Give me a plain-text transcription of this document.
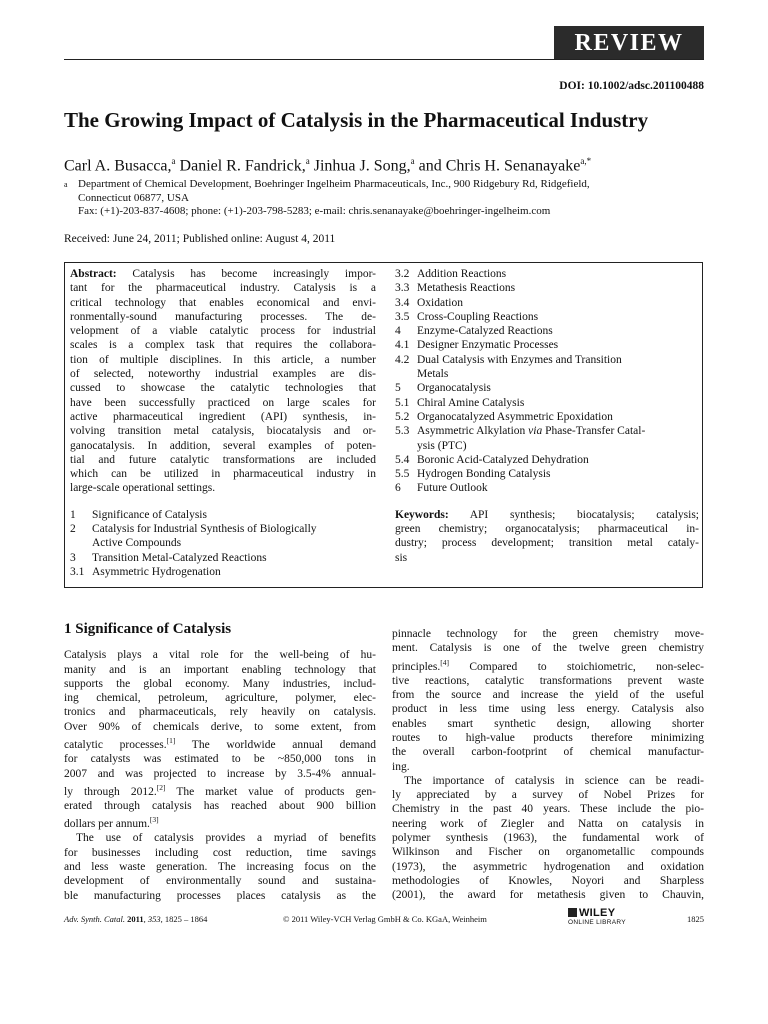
REVIEW
DOI: 10.1002/adsc.201100488
The Growing Impact of Catalysis in the Pharmaceutical Industry
Carl A. Busacca,$^a$ Daniel R. Fandrick,$^a$ Jinhua J. Song,$^a$ and Chris H. Senanayake$^{a,*}$
a Department of Chemical Development, Boehringer Ingelheim Pharmaceuticals, Inc., 900 Ridgebury Rd, Ridgefield,
Connecticut 06877, USA
Fax: (+1)-203-837-4608; phone: (+1)-203-798-5283; e-mail: chris.senanayake@boehringer-ingelheim.com
Received: June 24, 2011; Published online: August 4, 2011
Abstract: Catalysis has become increasingly impor-
tant for the pharmaceutical industry. Catalysis is a
critical technology that enables economical and envi-
ronmentally-sound manufacturing processes. The de-
velopment of a viable catalytic process for industrial
scales is a complex task that requires the collabora-
tion of multiple disciplines. In this article, a number
of selected, noteworthy industrial examples are dis-
cussed to showcase the catalytic technologies that
have been successfully practiced on large scales for
active pharmaceutical ingredient (API) synthesis, in-
volving transition metal catalysis, biocatalysis and or-
ganocatalysis. In addition, several examples of poten-
tial and future catalytic transformations are included
which can be utilized in pharmaceutical industry in
large-scale operational settings.
1	Significance of Catalysis
2	Catalysis for Industrial Synthesis of Biologically
Active Compounds
3	Transition Metal-Catalyzed Reactions
3.1 Asymmetric Hydrogenation
3.2 Addition Reactions
3.3 Metathesis Reactions
3.4 Oxidation
3.5 Cross-Coupling Reactions
4	Enzyme-Catalyzed Reactions
4.1 Designer Enzymatic Processes
4.2 Dual Catalysis with Enzymes and Transition
Metals
5	Organocatalysis
5.1 Chiral Amine Catalysis
5.2 Organocatalyzed Asymmetric Epoxidation
5.3 Asymmetric Alkylation via Phase-Transfer Catal-
ysis (PTC)
5.4 Boronic Acid-Catalyzed Dehydration
5.5 Hydrogen Bonding Catalysis
6	Future Outlook
Keywords: API synthesis; biocatalysis; catalysis;
green chemistry; organocatalysis; pharmaceutical in-
dustry; process development; transition metal cataly-
sis
1 Significance of Catalysis
Catalysis plays a vital role for the well-being of hu-
manity and is an important enabling technology that
supports the global economy. Many industries, includ-
ing chemical, petroleum, agriculture, polymer, elec-
tronics and pharmaceuticals, rely heavily on catalysis.
Over 90% of chemicals derive, to some extent, from
catalytic processes.[1] The worldwide annual demand
for catalysts was estimated to be ~850,000 tons in
2007 and was projected to increase by 3.5-4% annual-
ly through 2012.[2] The market value of products gen-
erated through catalysis has reached about 900 billion
dollars per annum.[3]
The use of catalysis provides a myriad of benefits
for businesses including cost reduction, time savings
and less waste generation. The increasing focus on the
development of environmentally sound and sustaina-
ble manufacturing processes places catalysis as the
pinnacle technology for the green chemistry move-
ment. Catalysis is one of the twelve green chemistry
principles.[4] Compared to stoichiometric, non-selec-
tive reactions, catalytic transformations prevent waste
from the source and increase the yield of the useful
product in less time using less energy. Catalysis also
enables smart synthetic design, allowing shorter
routes to high-value products therefore minimizing
the overall carbon-footprint of chemical manufactur-
ing.
The importance of catalysis in science can be readi-
ly appreciated by a survey of Nobel Prizes for
Chemistry in the past 40 years. These include the pio-
neering work of Ziegler and Natta on catalysis in
polymer synthesis (1963), the fundamental work of
Wilkinson and Fischer on organometallic compounds
(1973), the asymmetric hydrogenation and oxidation
methodologies of Knowles, Noyori and Sharpless
(2001), the award for metathesis given to Chauvin,
Adv. Synth. Catal. 2011, 353, 1825 – 1864	© 2011 Wiley-VCH Verlag GmbH & Co. KGaA, Weinheim	WILEY
ONLINE LIBRARY	1825
